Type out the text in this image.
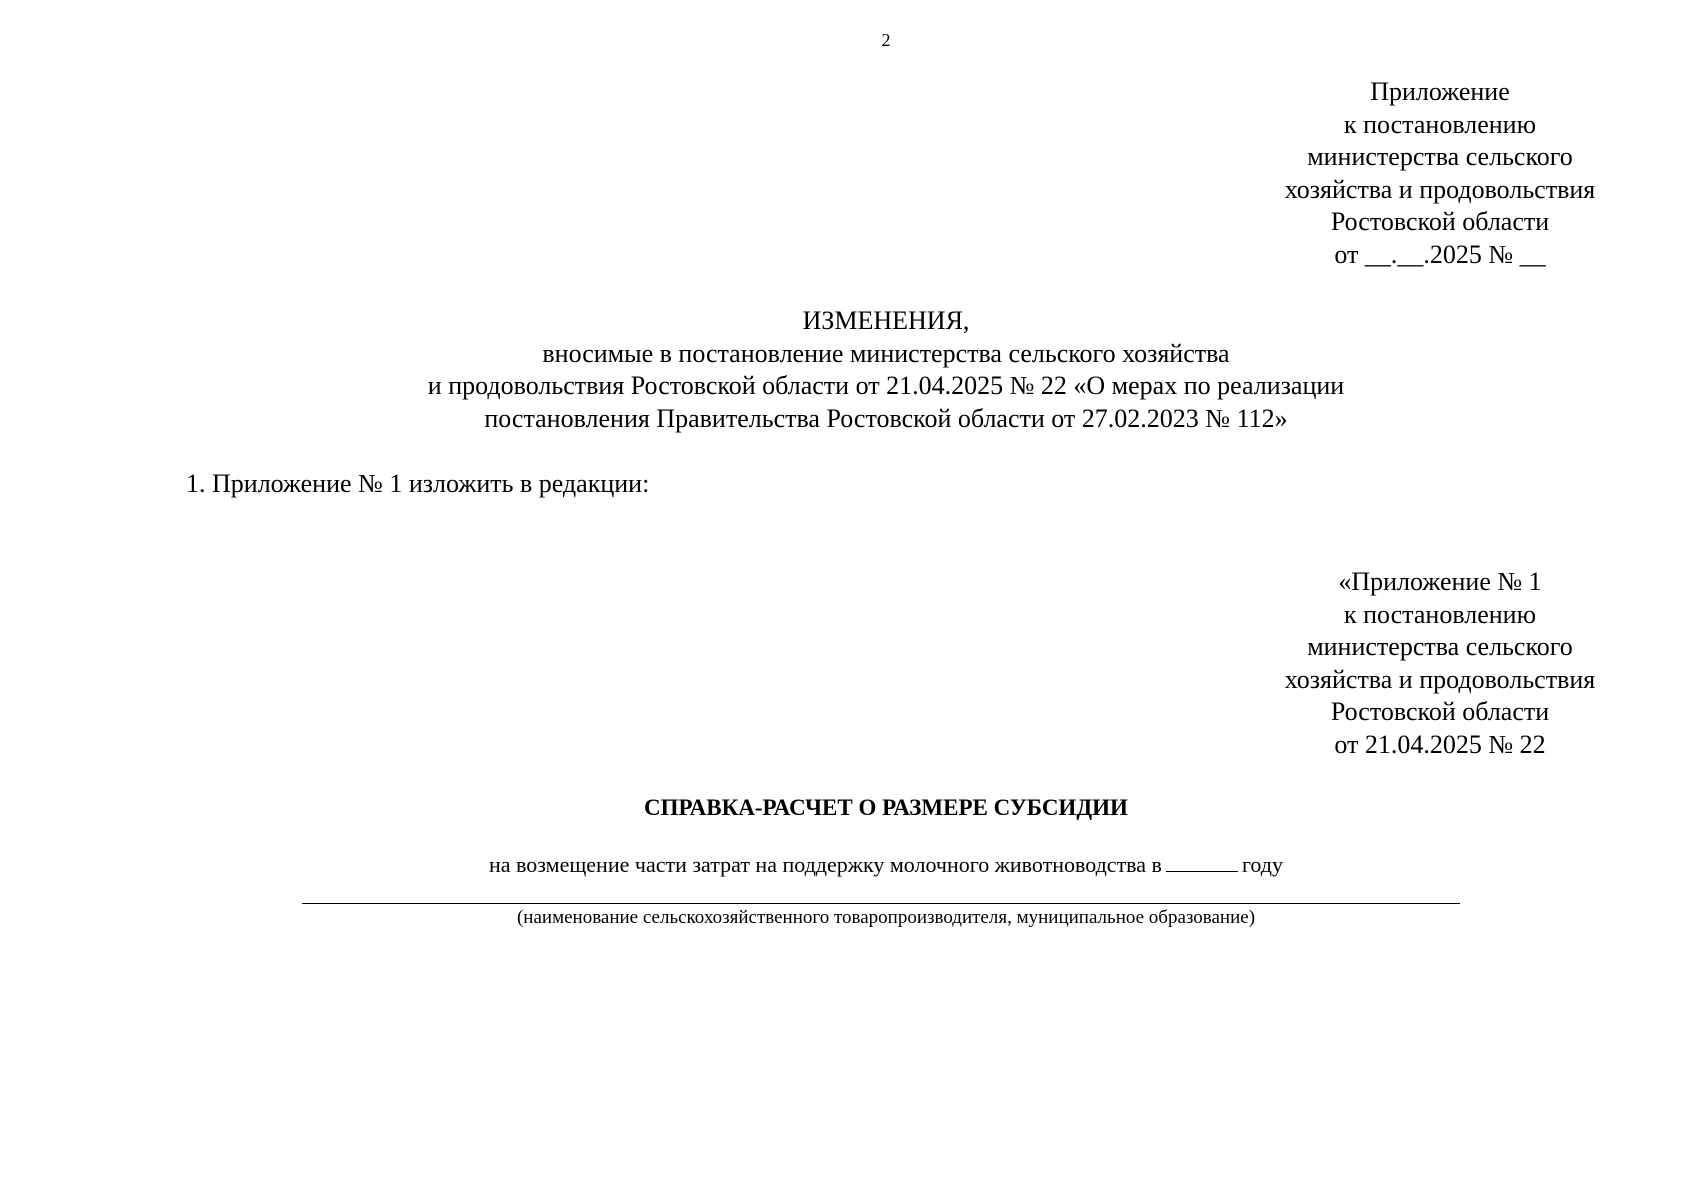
2
Приложение
к постановлению
министерства сельского
хозяйства и продовольствия
Ростовской области
от __.__.2025 № __
ИЗМЕНЕНИЯ,
вносимые в постановление министерства сельского хозяйства
и продовольствия Ростовской области от 21.04.2025 № 22 «О мерах по реализации
постановления Правительства Ростовской области от 27.02.2023 № 112»
1. Приложение № 1 изложить в редакции:
«Приложение № 1
к постановлению
министерства сельского
хозяйства и продовольствия
Ростовской области
от 21.04.2025 № 22
СПРАВКА-РАСЧЕТ О РАЗМЕРЕ СУБСИДИИ
на возмещение части затрат на поддержку молочного животноводства в	году
(наименование сельскохозяйственного товаропроизводителя, муниципальное образование)
